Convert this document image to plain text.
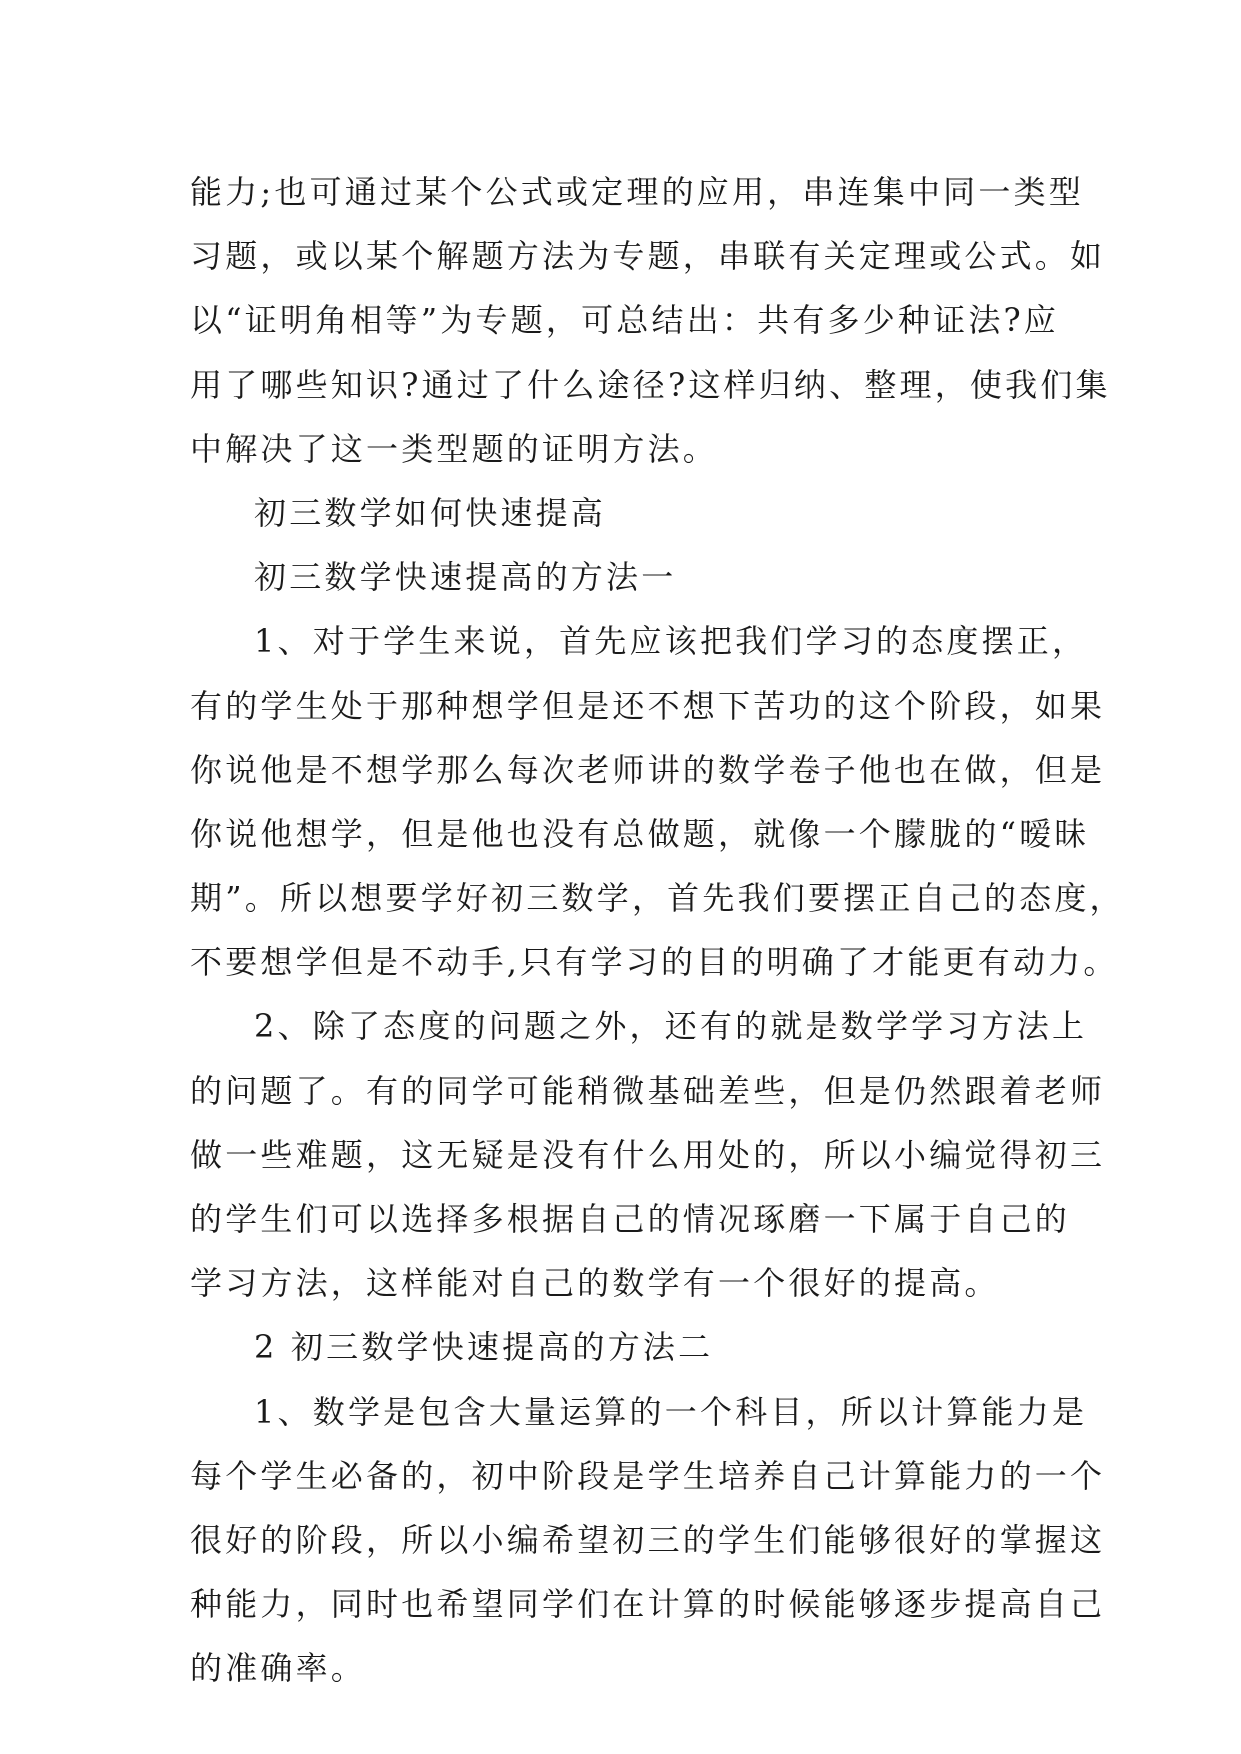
能力;也可通过某个公式或定理的应用，串连集中同一类型
习题，或以某个解题方法为专题，串联有关定理或公式。如
以“证明角相等”为专题，可总结出：共有多少种证法?应
用了哪些知识?通过了什么途径?这样归纳、整理，使我们集
中解决了这一类型题的证明方法。
初三数学如何快速提高
初三数学快速提高的方法一
1、对于学生来说，首先应该把我们学习的态度摆正，
有的学生处于那种想学但是还不想下苦功的这个阶段，如果
你说他是不想学那么每次老师讲的数学卷子他也在做，但是
你说他想学，但是他也没有总做题，就像一个朦胧的“暧昧
期”。所以想要学好初三数学，首先我们要摆正自己的态度，
不要想学但是不动手,只有学习的目的明确了才能更有动力。
2、除了态度的问题之外，还有的就是数学学习方法上
的问题了。有的同学可能稍微基础差些，但是仍然跟着老师
做一些难题，这无疑是没有什么用处的，所以小编觉得初三
的学生们可以选择多根据自己的情况琢磨一下属于自己的
学习方法，这样能对自己的数学有一个很好的提高。
2 初三数学快速提高的方法二
1、数学是包含大量运算的一个科目，所以计算能力是
每个学生必备的，初中阶段是学生培养自己计算能力的一个
很好的阶段，所以小编希望初三的学生们能够很好的掌握这
种能力，同时也希望同学们在计算的时候能够逐步提高自己
的准确率。
